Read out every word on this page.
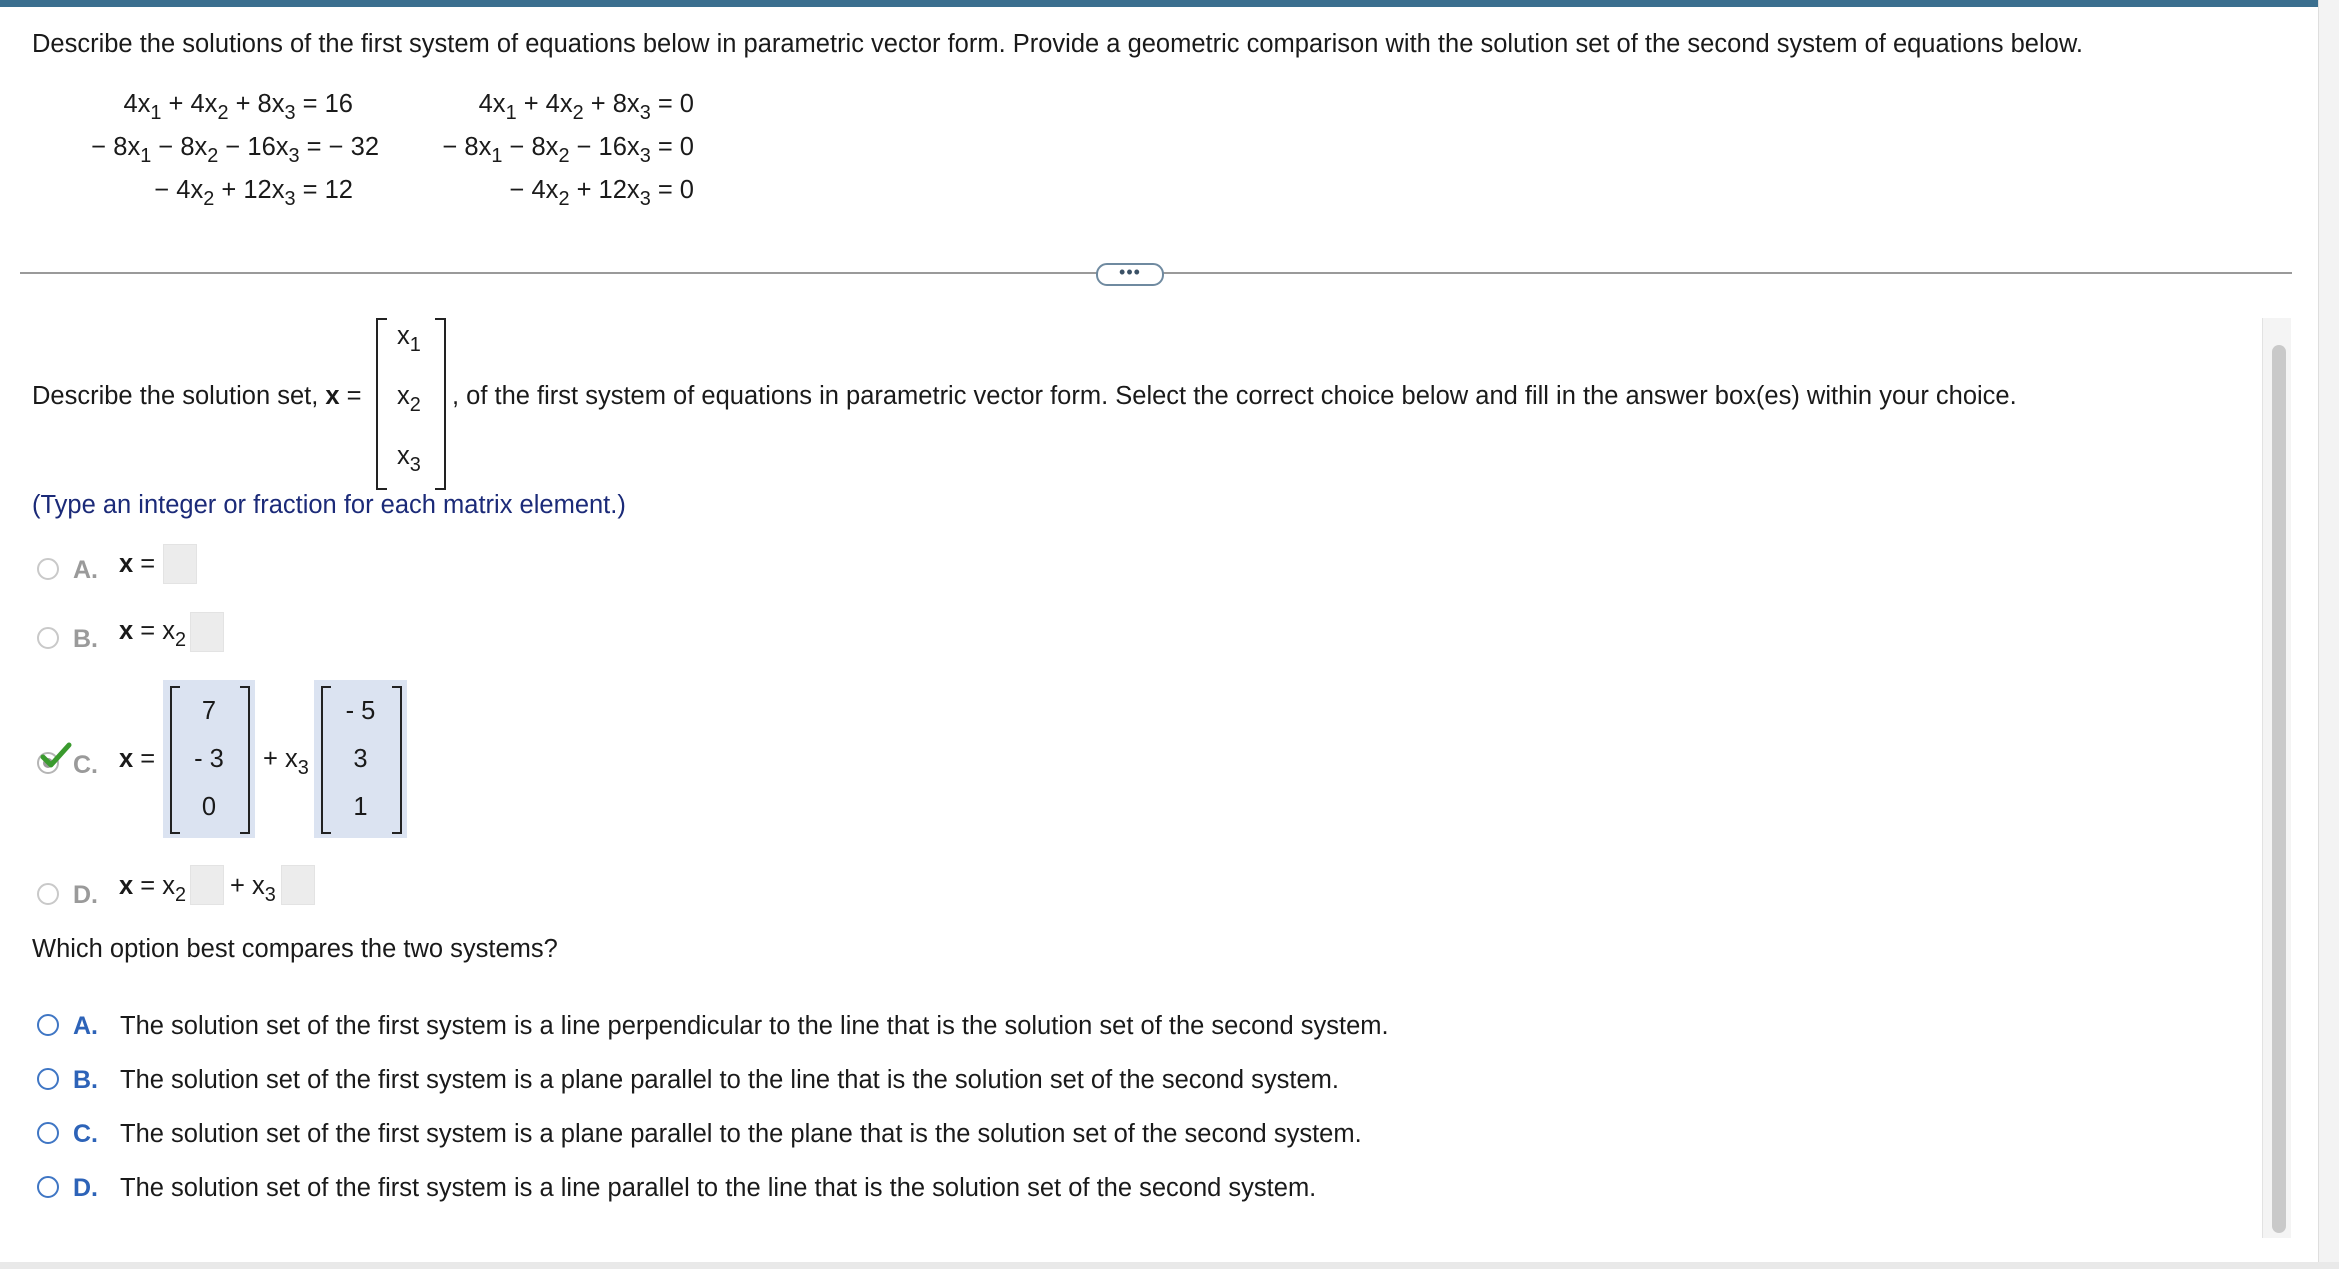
Describe the solutions of the first system of equations below in parametric vector form. Provide a geometric comparison with the solution set of the second system of equations below.
$4x_1 + 4x_2 + 8x_3 = 16$
− $8x_1 - 8x_2 - 16x_3$ = − 32
− $4x_2 + 12x_3 = 12$
$4x_1 + 4x_2 + 8x_3 = 0$
− $8x_1 - 8x_2 - 16x_3 = 0$
− $4x_2 + 12x_3 = 0$
•••
Describe the solution set, x =
$x_1$
$x_2$
$x_3$
, of the first system of equations in parametric vector form. Select the correct choice below and fill in the answer box(es) within your choice.
(Type an integer or fraction for each matrix element.)
A. x =
B. $x = x_2$
C. x =
7
- 3
0
+ $x_3$
- 5
3
1
D. $x = x_2 + x_3$
Which option best compares the two systems?
A. The solution set of the first system is a line perpendicular to the line that is the solution set of the second system.
B. The solution set of the first system is a plane parallel to the line that is the solution set of the second system.
C. The solution set of the first system is a plane parallel to the plane that is the solution set of the second system.
D. The solution set of the first system is a line parallel to the line that is the solution set of the second system.
